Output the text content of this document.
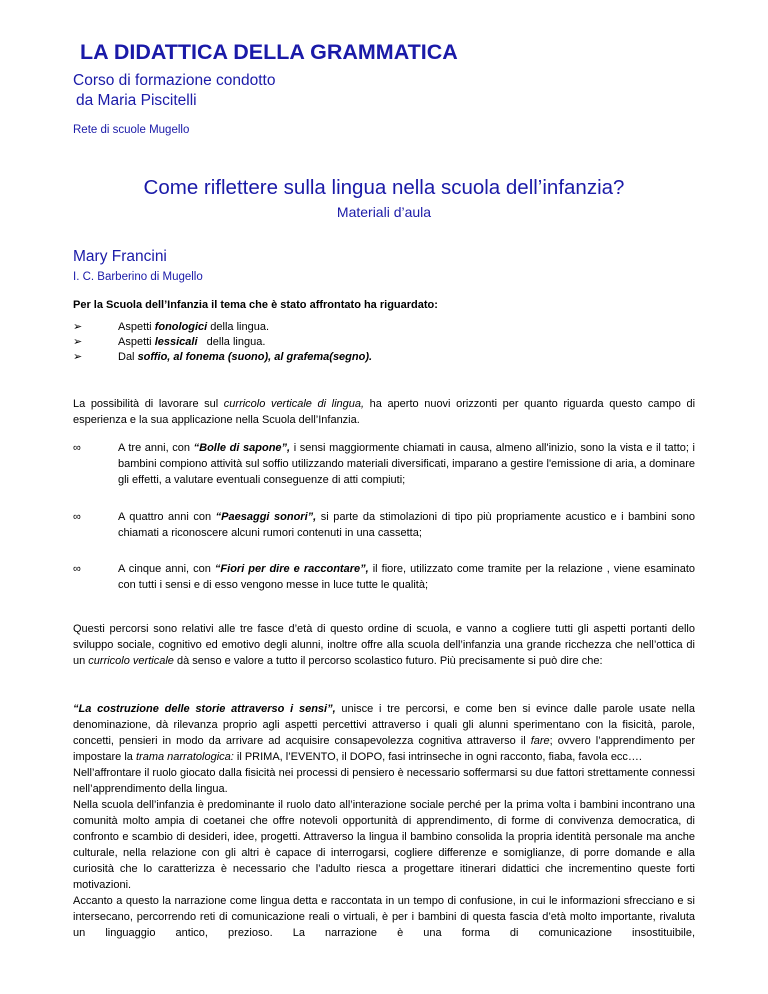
LA DIDATTICA DELLA GRAMMATICA
Corso di formazione condotto
da Maria Piscitelli
Rete di scuole Mugello
Come riflettere sulla lingua nella scuola dell’infanzia?
Materiali d’aula
Mary Francini
I. C. Barberino di Mugello
Per la Scuola dell’Infanzia il tema che è stato affrontato ha riguardato:
➢	Aspetti fonologici della lingua.
➢	Aspetti lessicali   della lingua.
➢	Dal soffio, al fonema (suono), al grafema(segno).
La possibilità di lavorare sul curricolo verticale di lingua, ha aperto nuovi orizzonti per quanto riguarda questo campo di esperienza e la sua applicazione nella Scuola dell’Infanzia.
∞	A tre anni, con “Bolle di sapone”, i sensi maggiormente chiamati in causa, almeno all'inizio, sono la vista e il tatto; i bambini compiono attività sul soffio utilizzando materiali diversificati, imparano a gestire l'emissione di aria, a dominare gli effetti, a valutare eventuali conseguenze di atti compiuti;
∞	A quattro anni con “Paesaggi sonori”, si parte da stimolazioni di tipo più propriamente acustico e i bambini sono chiamati a riconoscere alcuni rumori contenuti in una cassetta;
∞	A cinque anni, con “Fiori per dire e raccontare”, il fiore, utilizzato come tramite per la relazione , viene esaminato con tutti i sensi e di esso vengono messe in luce tutte le qualità;
Questi percorsi sono relativi alle tre fasce d’età di questo ordine di scuola, e vanno a cogliere tutti gli aspetti portanti dello sviluppo sociale, cognitivo ed emotivo degli alunni, inoltre offre alla scuola dell’infanzia una grande ricchezza che nell’ottica di un curricolo verticale dà senso e valore a tutto il percorso scolastico futuro. Più precisamente si può dire che:
“La costruzione delle storie attraverso i sensi”, unisce i tre percorsi, e come ben si evince dalle parole usate nella denominazione, dà rilevanza proprio agli aspetti percettivi attraverso i quali gli alunni sperimentano con la fisicità, parole, concetti, pensieri in modo da arrivare ad acquisire consapevolezza cognitiva attraverso il fare; ovvero l’apprendimento per impostare la trama narratologica: il PRIMA, l’EVENTO, il DOPO, fasi intrinseche in ogni racconto, fiaba, favola ecc….
Nell’affrontare il ruolo giocato dalla fisicità nei processi di pensiero è necessario soffermarsi su due fattori strettamente connessi nell’apprendimento della lingua.
Nella scuola dell’infanzia è predominante il ruolo dato all’interazione sociale perché per la prima volta i bambini incontrano una comunità molto ampia di coetanei che offre notevoli opportunità di apprendimento, di forme di convivenza democratica, di confronto e scambio di desideri, idee, progetti. Attraverso la lingua il bambino consolida la propria identità personale ma anche culturale, nella relazione con gli altri è capace di interrogarsi, cogliere differenze e somiglianze, di porre domande e alla curiosità che lo caratterizza è necessario che l’adulto riesca a progettare itinerari didattici che incrementino queste forti motivazioni.
Accanto a questo la narrazione come lingua detta e raccontata in un tempo di confusione, in cui le informazioni sfrecciano e si intersecano, percorrendo reti di comunicazione reali o virtuali, è per i bambini di questa fascia d’età molto importante, rivaluta un linguaggio antico, prezioso. La narrazione è una forma di comunicazione insostituibile,
